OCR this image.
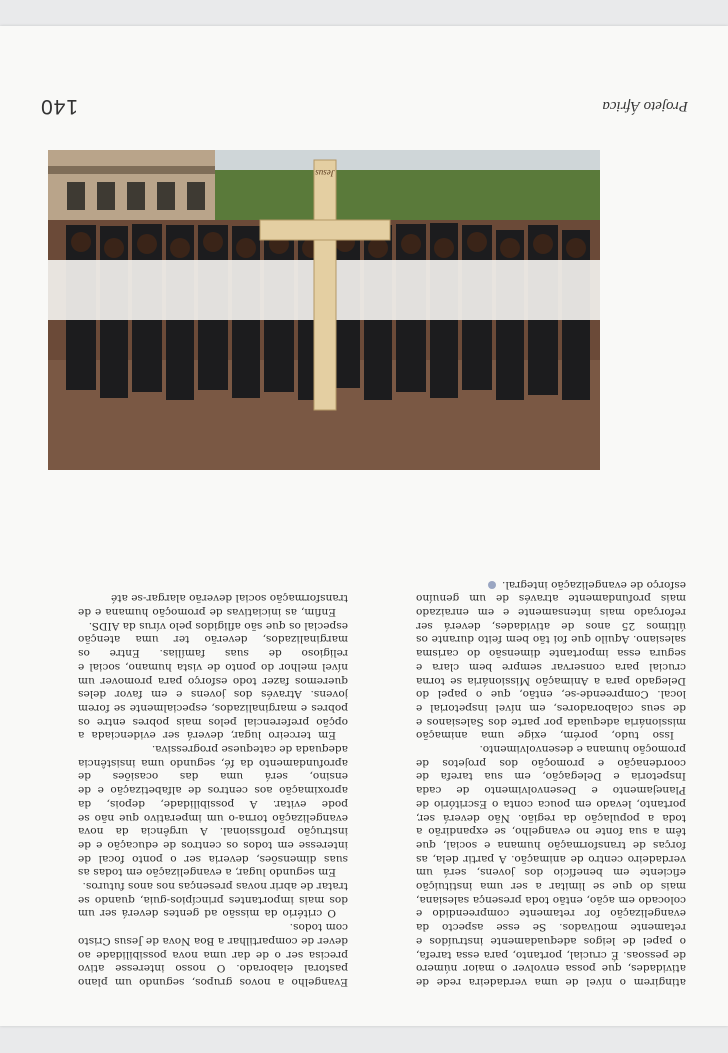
atingirem o nível de uma verdadeira rede de atividades, que possa envolver o maior número de pessoas. É crucial, portanto, para essa tarefa, o papel de leigos adequadamente instruídos e retamente motivados. Se esse aspecto da evangelização for retamente compreendido e colocado em ação, então toda presença salesiana, mais do que se limitar a ser uma instituição eficiente em benefício dos jovens, será um verdadeiro centro de animação. A partir dela, as forças de transformação humana e social, que têm a sua fonte no evangelho, se expandirão a toda a população da região. Não deverá ser, portanto, levado em pouca conta o Escritório de Planejamento e Desenvolvimento de cada Inspetoria e Delegação, em sua tarefa de coordenação e promoção dos projetos de promoção humana e desenvolvimento.

Isso tudo, porém, exige uma animação missionária adequada por parte dos Salesianos e de seus colaboradores, em nível inspetorial e local. Compreende-se, então, que o papel do Delegado para a Animação Missionária se torna crucial para conservar sempre bem clara e segura essa importante dimensão do carisma salesiano. Aquilo que foi tão bem feito durante os últimos 25 anos de atividades, deverá ser reforçado mais intensamente e em enraizado mais profundamente através de um genuíno esforço de evangelização integral.

Evangelho a novos grupos, segundo um plano pastoral elaborado. O nosso interesse ativo precisa ser o de dar uma nova possibilidade ao dever de compartilhar a Boa Nova de Jesus Cristo com todos.

O critério da missão ad gentes deverá ser um dos mais importantes princípios-guia, quando se tratar de abrir novas presenças nos anos futuros.

Em segundo lugar, a evangelização em todas as suas dimensões, deveria ser o ponto focal de interesse em todos os centros de educação e de instrução profissional. A urgência da nova evangelização torna-o um imperativo que não se pode evitar. A possibilidade, depois, da aproximação aos centros de alfabetização e de ensino, será uma das ocasiões de aprofundamento da fé, segundo uma insistência adequada de catequese progressiva.

Em terceiro lugar, deverá ser evidenciada a opção preferencial pelos mais pobres entre os pobres e marginalizados, especialmente se forem jovens. Através dos jovens e em favor deles queremos fazer todo esforço para promover um nível melhor do ponto de vista humano, social e religioso de suas famílias. Entre os marginalizados, deverão ter uma atenção especial os que são afligidos pelo vírus da AIDS.

Enfim, as iniciativas de promoção humana e de transformação social deverão alargar-se até

Jesus
Projeto África
140
